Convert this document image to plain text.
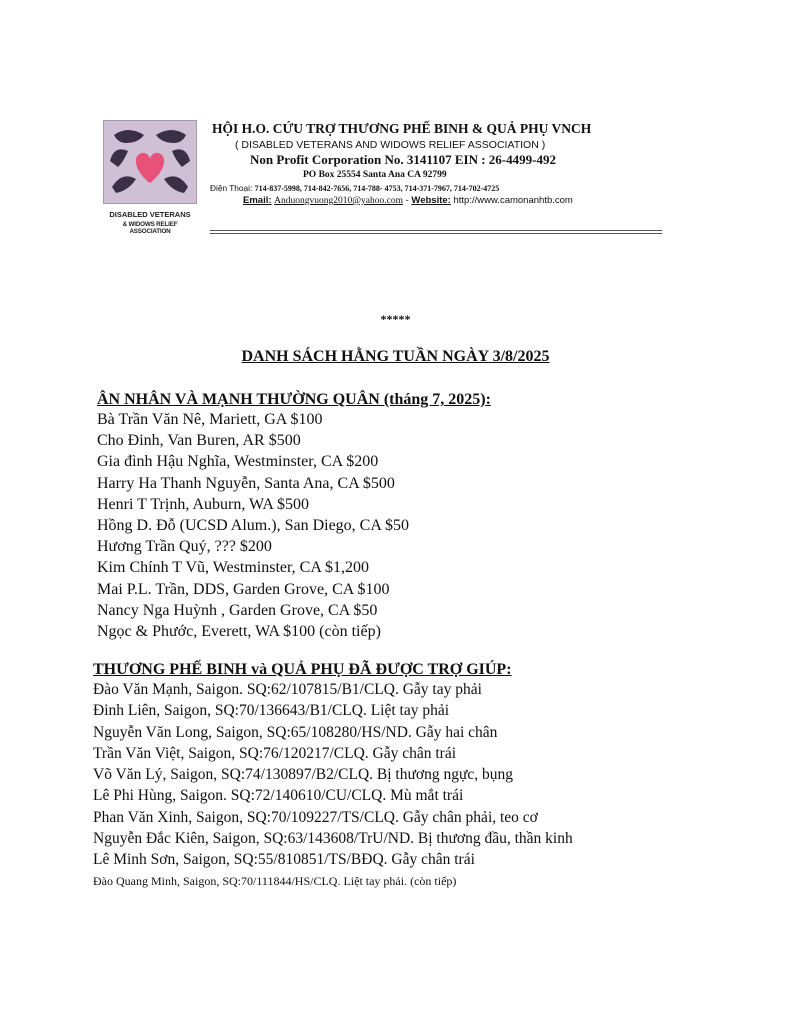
DISABLED VETERANS
& WIDOWS RELIEF ASSOCIATION
HỘI H.O. CỨU TRỢ THƯƠNG PHẾ BINH & QUẢ PHỤ VNCH
( DISABLED VETERANS AND WIDOWS RELIEF ASSOCIATION )
Non Profit Corporation No. 3141107 EIN : 26-4499-492
PO Box 25554 Santa Ana CA 92799
Điện Thoại: 714-837-5998, 714-842-7656, 714-788- 4753, 714-371-7967, 714-702-4725
Email: Anduongvuong2010@yahoo.com - Website: http://www.camonanhtb.com
*****
DANH SÁCH HẰNG TUẦN NGÀY 3/8/2025
ÂN NHÂN VÀ MẠNH THƯỜNG QUÂN (tháng 7, 2025):
Bà Trần Văn Nê, Mariett, GA $100
Cho Đinh, Van Buren, AR $500
Gia đình Hậu Nghĩa, Westminster, CA $200
Harry Ha Thanh Nguyễn, Santa Ana, CA $500
Henri T Trịnh, Auburn, WA $500
Hồng D. Đỗ (UCSD Alum.), San Diego, CA $50
Hương Trần Quý, ??? $200
Kim Chính T Vũ, Westminster, CA $1,200
Mai P.L. Trần, DDS, Garden Grove, CA $100
Nancy Nga Huỳnh , Garden Grove, CA $50
Ngọc & Phước, Everett, WA $100 (còn tiếp)
THƯƠNG PHẾ BINH và QUẢ PHỤ ĐÃ ĐƯỢC TRỢ GIÚP:
Đào Văn Mạnh, Saigon. SQ:62/107815/B1/CLQ. Gẫy tay phải
Đinh Liên, Saigon, SQ:70/136643/B1/CLQ. Liệt tay phải
Nguyễn Văn Long, Saigon, SQ:65/108280/HS/ND. Gẫy hai chân
Trần Văn Việt, Saigon, SQ:76/120217/CLQ. Gẫy chân trái
Võ Văn Lý, Saigon, SQ:74/130897/B2/CLQ. Bị thương ngực, bụng
Lê Phi Hùng, Saigon. SQ:72/140610/CU/CLQ. Mù mắt trái
Phan Văn Xinh, Saigon, SQ:70/109227/TS/CLQ. Gẫy chân phải, teo cơ
Nguyễn Đắc Kiên, Saigon, SQ:63/143608/TrU/ND. Bị thương đầu, thần kinh
Lê Minh Sơn, Saigon, SQ:55/810851/TS/BĐQ. Gẫy chân trái
Đào Quang Minh, Saigon, SQ:70/111844/HS/CLQ. Liệt tay phải. (còn tiếp)
